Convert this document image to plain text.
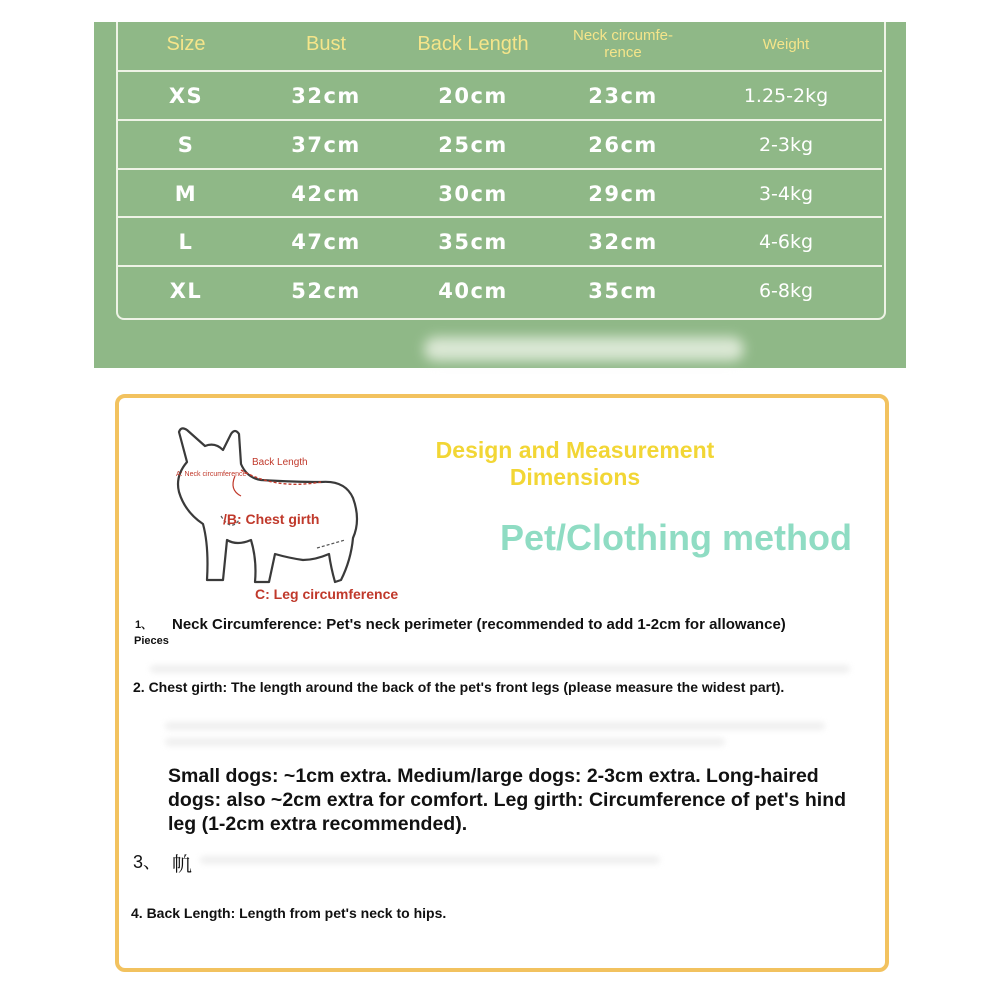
Size	Bust	Back Length	Neck circumfe-
rence	Weight
XS	32cm	20cm	23cm	1.25-2kg
S	37cm	25cm	26cm	2-3kg
M	42cm	30cm	29cm	3-4kg
L	47cm	35cm	32cm	4-6kg
XL	52cm	40cm	35cm	6-8kg
Back Length
A: Neck circumference
/B: Chest girth
C: Leg circumference
Design and Measurement Dimensions
Pet/Clothing method
1、 Neck Circumference: Pet's neck perimeter (recommended to add 1-2cm for allowance)
Pieces
2. Chest girth: The length around the back of the pet's front legs (please measure the widest part).
Small dogs: ~1cm extra. Medium/large dogs: 2-3cm extra. Long-haired dogs: also ~2cm extra for comfort. Leg girth: Circumference of pet's hind leg (1-2cm extra recommended).
3、 㠶
4. Back Length: Length from pet's neck to hips.
